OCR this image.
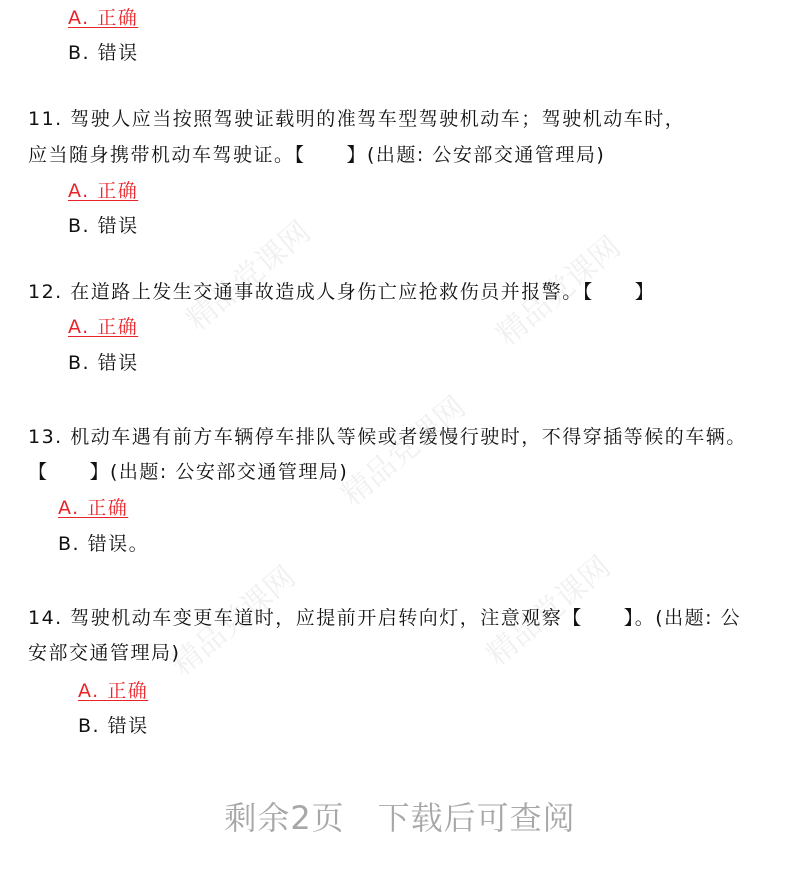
精品党课网	精品党课网
精品党课网
精品党课网
精品党课网
A. 正确
B. 错误
11. 驾驶人应当按照驾驶证载明的准驾车型驾驶机动车；驾驶机动车时，
应当随身携带机动车驾驶证。【　　】(出题: 公安部交通管理局)
A. 正确
B. 错误
12. 在道路上发生交通事故造成人身伤亡应抢救伤员并报警。【　　】
A. 正确
B. 错误
13. 机动车遇有前方车辆停车排队等候或者缓慢行驶时，不得穿插等候的车辆。
【　　】(出题: 公安部交通管理局)
A. 正确
B. 错误。
14. 驾驶机动车变更车道时，应提前开启转向灯，注意观察【　　】。(出题: 公
安部交通管理局)
A. 正确
B. 错误
剩余2页　下载后可查阅
